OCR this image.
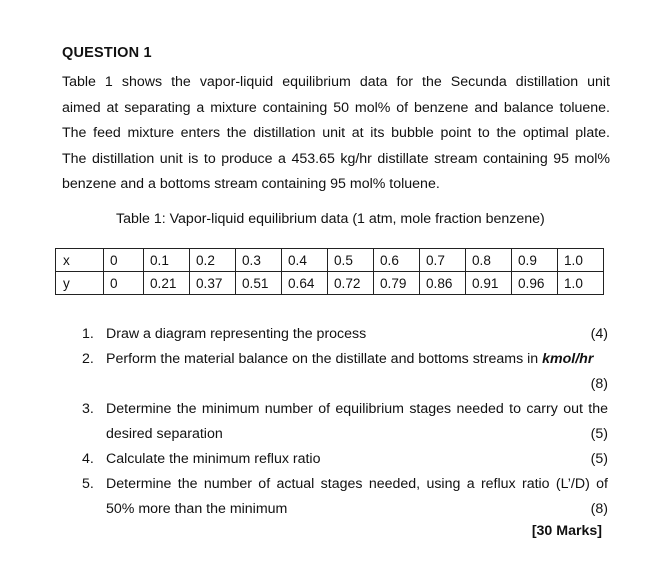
QUESTION 1
Table 1 shows the vapor-liquid equilibrium data for the Secunda distillation unit
aimed at separating a mixture containing 50 mol% of benzene and balance toluene.
The feed mixture enters the distillation unit at its bubble point to the optimal plate.
The distillation unit is to produce a 453.65 kg/hr distillate stream containing 95 mol%
benzene and a bottoms stream containing 95 mol% toluene.
Table 1: Vapor-liquid equilibrium data (1 atm, mole fraction benzene)
x	0	0.1	0.2	0.3	0.4	0.5	0.6	0.7	0.8	0.9	1.0
y	0	0.21	0.37	0.51	0.64	0.72	0.79	0.86	0.91	0.96	1.0
1. Draw a diagram representing the process	(4)
2. Perform the material balance on the distillate and bottoms streams in kmol/hr
(8)
3. Determine the minimum number of equilibrium stages needed to carry out the
desired separation	(5)
4. Calculate the minimum reflux ratio	(5)
5. Determine the number of actual stages needed, using a reflux ratio (L’/D) of
50% more than the minimum	(8)
[30 Marks]
